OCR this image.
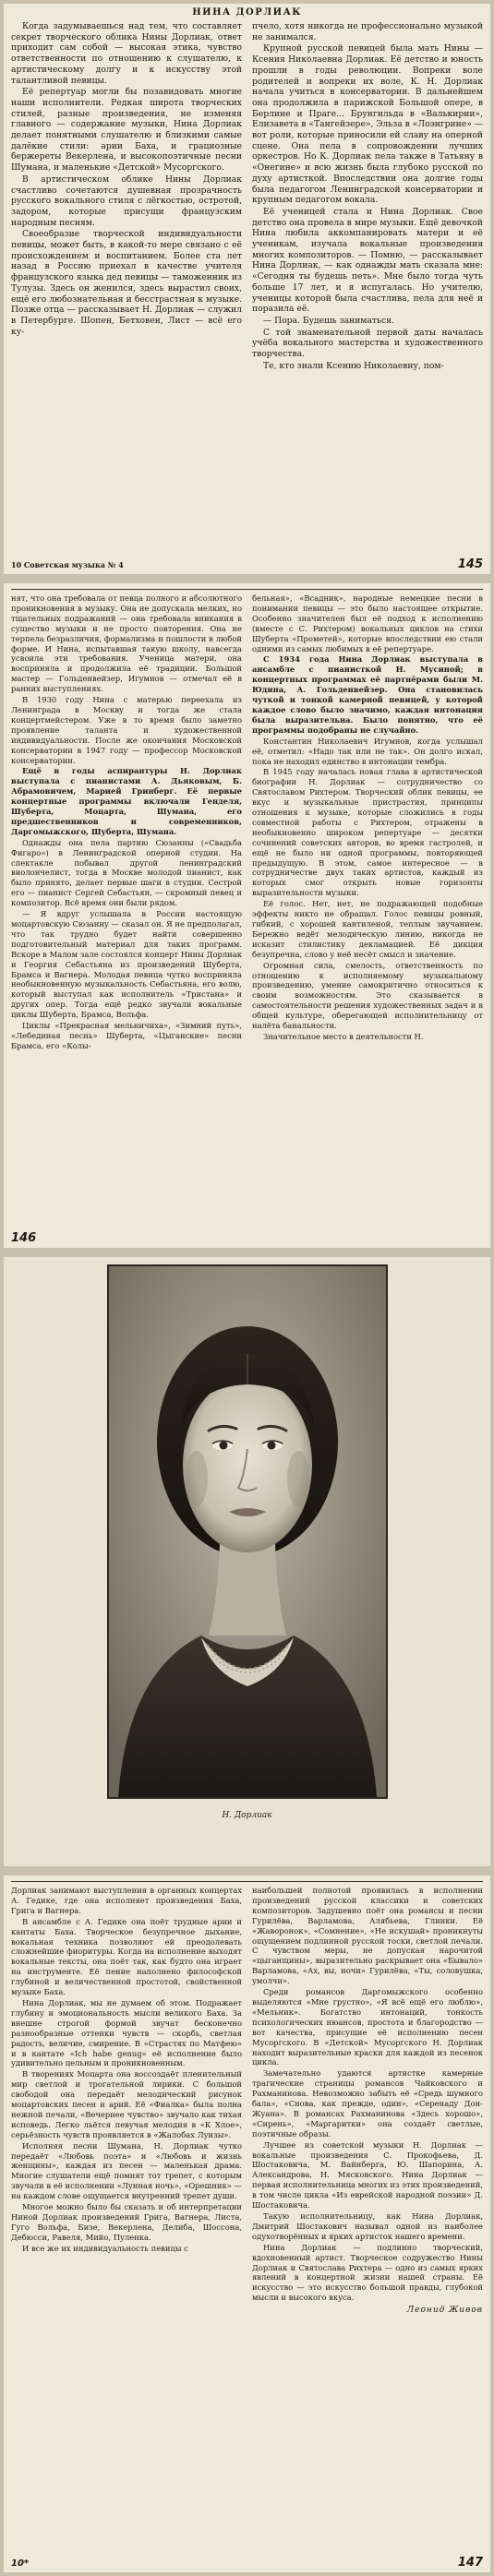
НИНА ДОРЛИАК

Когда задумываешься над тем, что составляет секрет творческого облика Нины Дорлиак, ответ приходит сам собой — высокая этика, чувство ответственности по отношению к слушателю, к артистическому долгу и к искусству этой талантливой певицы.

Её репертуар могли бы позавидовать многие наши исполнители. Редкая широта творческих стилей, разные произведения, не изменяя главного — содержание музыки, Нина Дорлиак делает понятными слушателю и близкими самые далёкие стили: арии Баха, и грациозные бержереты Векерлена, и высокопоэтичные песни Шумана, и маленькие «Детской» Мусоргского.

В артистическом облике Нины Дорлиак счастливо сочетаются душевная прозрачность русского вокального стиля с лёгкостью, остротой, задором, которые присущи французским народным песням.

Своеобразие творческой индивидуальности певицы, может быть, в какой-то мере связано с её происхождением и воспитанием. Более ста лет назад в Россию приехал в качестве учителя французского языка дед певицы — таможенник из Тулузы. Здесь он женился, здесь вырастил своих, ещё его любознательная и бесстрастная к музыке. Позже отца — рассказывает Н. Дорлиак — служил в Петербурге. Шопен, Бетховен, Лист — всё его ку-

пчело, хотя никогда не профессионально музыкой не занимался.

Крупной русской певицей была мать Нины — Ксения Николаевна Дорлиак. Её детство и юность прошли в годы революции. Вопреки воле родителей и вопреки их воле, К. Н. Дорлиак начала учиться в консерватории. В дальнейшем она продолжила в парижской Большой опере, в Берлине и Праге... Брунгильда в «Валькирии», Елизавета в «Тангейзере», Эльза в «Лоэнгрине» — вот роли, которые приносили ей славу на оперной сцене. Она пела в сопровождении лучших оркестров. Но К. Дорлиак пела также в Татьяну в «Онегине» и всю жизнь была глубоко русской по духу артисткой. Впоследствии она долгие годы была педагогом Ленинградской консерватории и крупным педагогом вокала.

Её ученицей стала и Нина Дорлиак. Свое детство она провела в мире музыки. Ещё девочкой Нина любила аккомпанировать матери и её ученикам, изучала вокальные произведения многих композиторов. — Помню, — рассказывает Нина Дорлиак, — как однажды мать сказала мне: «Сегодня ты будешь петь». Мне было тогда чуть больше 17 лет, и я испугалась. Но учителю, ученицы которой была счастлива, пела для неё и поразила её.

— Пора. Будешь заниматься.

С той знаменательной первой даты началась учёба вокального мастерства и художественного творчества.

Те, кто знали Ксению Николаевну, пом-

10 Советская музыка № 4	145

нят, что она требовала от певца полного и абсолютного проникновения в музыку. Она не допускала мелких, но тщательных подражаний — она требовала вникания в существо музыки и не просто повторения. Она не терпела безразличия, формализма и пошлости в любой форме. И Нина, испытавшая такую школу, навсегда усвоила эти требования. Ученица матери, она восприняла и продолжила её традиции. Большой мастер — Гольденвейзер, Игумнов — отмечал её в ранних выступлениях.

В 1930 году Нина с матерью переехала из Ленинграда в Москву и тогда же стала концертмейстером. Уже в то время было заметно проявление таланта и художественной индивидуальности. После же окончания Московской консерватории в 1947 году — профессор Московской консерватории.

Ещё в годы аспирантуры Н. Дорлиак выступала с пианистами А. Дьяковым, Б. Абрамовичем, Марией Гринберг. Её первые концертные программы включали Генделя, Шуберта, Моцарта, Шумана, его предшественников и современников, Даргомыжского, Шуберта, Шумана.

Однажды она пела партию Сюзанны («Свадьба Фигаро») в Ленинградской оперной студии. На спектакле побывал другой ленинградский виолончелист, тогда в Москве молодой пианист, как было принято, делает первые шаги в студии. Сестрой его — пианист Сергей Себастьян, — скромный певец и композитор. Всё время они были рядом.

— Я вдруг услышала в России настоящую моцартовскую Сюзанну — сказал он. Я не предполагал, что так трудно будет найти совершенно подготовительный материал для таких программ. Вскоре в Малом зале состоялся концерт Нины Дорлиак и Георгия Себастьяна из произведений Шуберта, Брамса и Вагнера. Молодая певица чутко восприняла необыкновенную музыкальность Себастьяна, его волю, который выступал как исполнитель «Тристана» и других опер. Тогда ещё редко звучали вокальные циклы Шуберта, Брамса, Вольфа.

Циклы «Прекрасная мельничиха», «Зимний путь», «Лебединая песнь» Шуберта, «Цыганские» песни Брамса, его «Колы-

бельная», «Всадник», народные немецкие песни в понимании певицы — это было настоящее открытие. Особенно значителен был её подход к исполнению (вместе с С. Рихтером) вокальных циклов на стихи Шуберта «Прометей», которые впоследствии ею стали одними из самых любимых в её репертуаре.

С 1934 года Нина Дорлиак выступала в ансамбле с пианисткой Н. Мусиной; в концертных программах её партнёрами были М. Юдина, А. Гольденвейзер. Она становилась чуткой и тонкой камерной певицей, у которой каждое слово было значимо, каждая интонация была выразительна. Было понятно, что её программы подобраны не случайно.

Константин Николаевич Игумнов, когда услышал её, отметил: «Надо так или не так». Он долго искал, пока не находил единство в интонации тембра.

В 1945 году началась новая глава в артистической биографии Н. Дорлиак — сотрудничество со Святославом Рихтером. Творческий облик певицы, ее вкус и музыкальные пристрастия, принципы отношения к музыке, которые сложились в годы совместной работы с Рихтером, отражены в необыкновенно широком репертуаре — десятки сочинений советских авторов, во время гастролей, и ещё не было ни одной программы, повторяющей предыдущую. В этом, самое интересное — в сотрудничестве двух таких артистов, каждый из которых смог открыть новые горизонты выразительности музыки.

Её голос. Нет, нет, не подражающей подобные эффекты никто не обращал. Голос певицы ровный, гибкий, с хорошей кантиленой, теплым звучанием. Бережно ведёт мелодическую линию, никогда не исказит стилистику декламацией. Её дикция безупречна, слово у неё несёт смысл и значение.

Огромная сила, смелость, ответственность по отношению к исполняемому музыкальному произведению, умение самокритично относиться к своим возможностям. Это сказывается в самостоятельности решения художественных задач и в общей культуре, оберегающей исполнительницу от налёта банальности.

Значительное место в деятельности Н.

146
Н. Дорлиак

Дорлиак занимают выступления в органных концертах А. Гедике, где она исполняет произведения Баха, Грига и Вагнера.

В ансамбле с А. Гедике она поёт трудные арии и кантаты Баха. Творческое безупречное дыхание, вокальная техника позволяют ей преодолевать сложнейшие фиоритуры. Когда на исполнение выходят вокальные тексты, она поёт так, как будто она играет на инструменте. Её пение наполнено философской глубиной и величественной простотой, свойственной музыке Баха.

Нина Дорлиак, мы не думаем об этом. Подражает глубину и эмоциональность мысли великого Баха. За внешне строгой формой звучат бесконечно разнообразные оттенки чувств — скорбь, светлая радость, величие, смирение. В «Страстях по Матфею» и в кантате «Ich habe genug» её исполнение было удивительно цельным и проникновенным.

В творениях Моцарта она воссоздаёт пленительный мир светлой и трогательной лирики. С большой свободой она передаёт мелодический рисунок моцартовских песен и арий. Её «Фиалка» была полна нежной печали, «Вечернее чувство» звучало как тихая исповедь. Легко льётся певучая мелодия в «К Хлое», серьёзность чувств проявляется в «Жалобах Луизы».

Исполняя песни Шумана, Н. Дорлиак чутко передаёт «Любовь поэта» и «Любовь и жизнь женщины», каждая из песен — маленькая драма. Многие слушатели ещё помнят тот трепет, с которым звучали в её исполнении «Лунная ночь», «Орешник» — на каждом слове ощущается внутренний трепет души.

Многое можно было бы сказать и об интерпретации Ниной Дорлиак произведений Грига, Вагнера, Листа, Гуго Вольфа, Бизе, Векерлена, Делиба, Шоссона, Дебюсси, Равеля, Мийо, Пуленка.

И все же их индивидуальность певицы с

наибольшей полнотой проявилась в исполнении произведений русской классики и советских композиторов. Задушевно поёт она романсы и песни Гурилёва, Варламова, Алябьева, Глинки. Её «Жаворонок», «Сомнение», «Не искушай» проникнуты ощущением подлинной русской тоски, светлой печали. С чувством меры, не допуская нарочитой «цыганщины», выразительно раскрывает она «Бывало» Варламова, «Ах, вы, ночи» Гурилёва, «Ты, соловушка, умолчи».

Среди романсов Даргомыжского особенно выделяются «Мне грустно», «Я всё ещё его люблю», «Мельник». Богатство интонаций, тонкость психологических нюансов, простота и благородство — вот качества, присущие её исполнению песен Мусоргского. В «Детской» Мусоргского Н. Дорлиак находит выразительные краски для каждой из песенок цикла.

Замечательно удаются артистке камерные трагические страницы романсов Чайковского и Рахманинова. Невозможно забыть её «Средь шумного бала», «Снова, как прежде, один», «Серенаду Дон-Жуана». В романсах Рахманинова «Здесь хорошо», «Сирень», «Маргаритки» она создаёт светлые, поэтичные образы.

Лучшее из советской музыки Н. Дорлиак — вокальные произведения С. Прокофьева, Д. Шостаковича, М. Вайнберга, Ю. Шапорина, А. Александрова, Н. Мясковского. Нина Дорлиак — первая исполнительница многих из этих произведений, в том числе цикла «Из еврейской народной поэзии» Д. Шостаковича.

Такую исполнительницу, как Нина Дорлиак, Дмитрий Шостакович называл одной из наиболее одухотворённых и ярких артисток нашего времени.

Нина Дорлиак — подлинно творческий, вдохновенный артист. Творческое содружество Нины Дорлиак и Святослава Рихтера — одно из самых ярких явлений в концертной жизни нашей страны. Её искусство — это искусство большой правды, глубокой мысли и высокого вкуса.

Леонид Живов
10*	147
